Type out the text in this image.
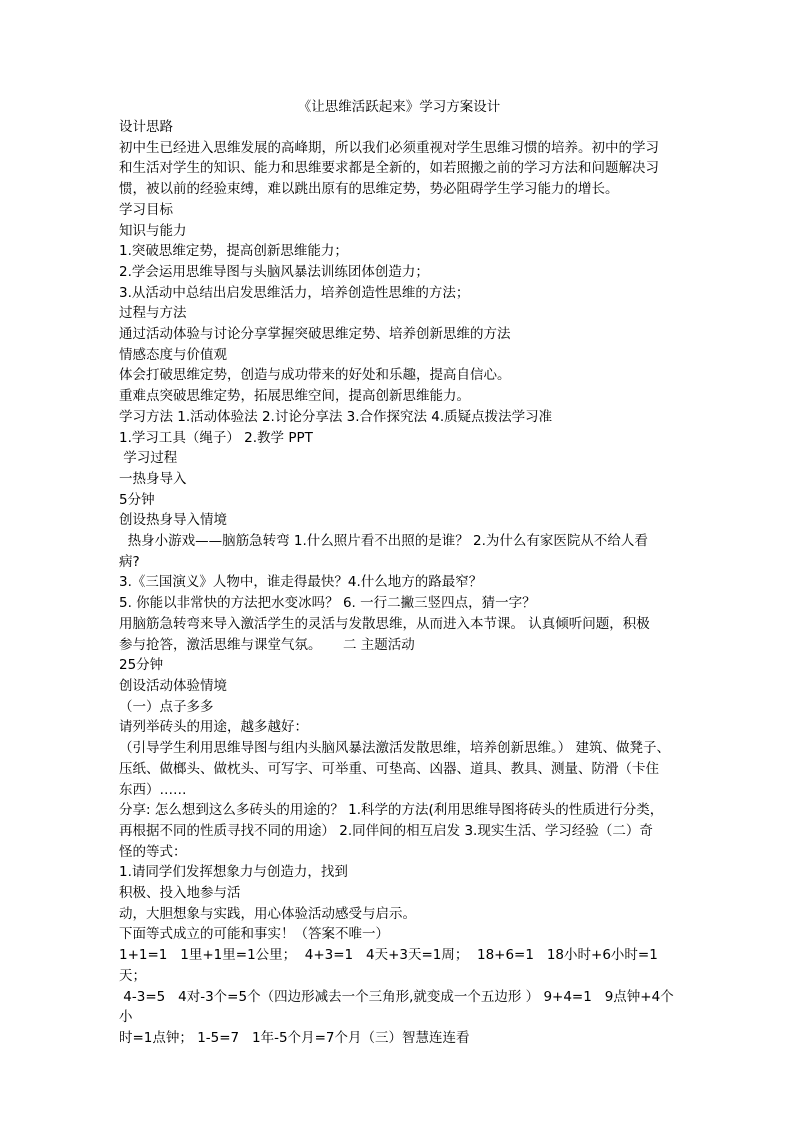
《让思维活跃起来》学习方案设计

设计思路

初中生已经进入思维发展的高峰期，所以我们必须重视对学生思维习惯的培养。初中的学习

和生活对学生的知识、能力和思维要求都是全新的，如若照搬之前的学习方法和问题解决习

惯，被以前的经验束缚，难以跳出原有的思维定势，势必阻碍学生学习能力的增长。

学习目标

知识与能力

1.突破思维定势，提高创新思维能力；

2.学会运用思维导图与头脑风暴法训练团体创造力；

3.从活动中总结出启发思维活力，培养创造性思维的方法；

过程与方法

通过活动体验与讨论分享掌握突破思维定势、培养创新思维的方法

情感态度与价值观

体会打破思维定势，创造与成功带来的好处和乐趣，提高自信心。

重难点突破思维定势，拓展思维空间，提高创新思维能力。

学习方法 1.活动体验法 2.讨论分享法 3.合作探究法 4.质疑点拨法学习准

1.学习工具（绳子） 2.教学 PPT

学习过程

一热身导入

5分钟

创设热身导入情境

热身小游戏——脑筋急转弯 1.什么照片看不出照的是谁？ 2.为什么有家医院从不给人看

病?

3.《三国演义》人物中，谁走得最快？4.什么地方的路最窄？

5. 你能以非常快的方法把水变冰吗？ 6. 一行二撇三竖四点，猜一字？

用脑筋急转弯来导入激活学生的灵活与发散思维，从而进入本节课。 认真倾听问题，积极

参与抢答，激活思维与课堂气氛。     二 主题活动

25分钟

创设活动体验情境

（一）点子多多

请列举砖头的用途，越多越好：

（引导学生利用思维导图与组内头脑风暴法激活发散思维，培养创新思维。） 建筑、做凳子、

压纸、做榔头、做枕头、可写字、可举重、可垫高、凶器、道具、教具、测量、防滑（卡住

东西）……

分享: 怎么想到这么多砖头的用途的？ 1.科学的方法(利用思维导图将砖头的性质进行分类，

再根据不同的性质寻找不同的用途） 2.同伴间的相互启发 3.现实生活、学习经验（二）奇

怪的等式：

1.请同学们发挥想象力与创造力，找到

积极、投入地参与活

动，大胆想象与实践，用心体验活动感受与启示。

下面等式成立的可能和事实！（答案不唯一）

1+1=1   1里+1里=1公里；  4+3=1   4天+3天=1周；  18+6=1   18小时+6小时=1天；

4-3=5   4对-3个=5个（四边形减去一个三角形,就变成一个五边形 ） 9+4=1   9点钟+4个小

时=1点钟； 1-5=7   1年-5个月=7个月（三）智慧连连看
